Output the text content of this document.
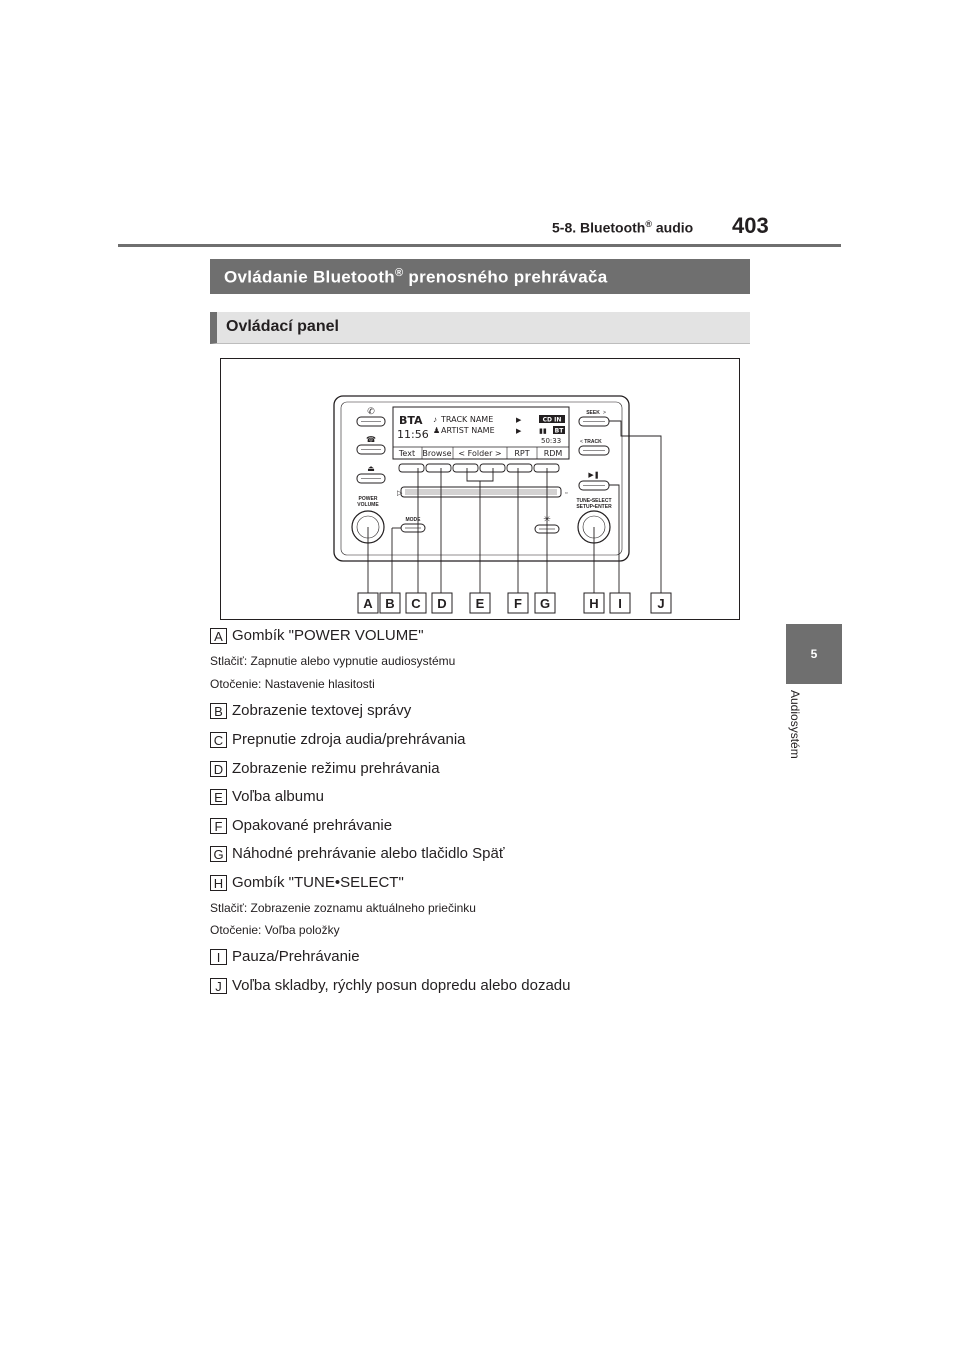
5-8. Bluetooth® audio 403
5
Audiosystém
Ovládanie Bluetooth® prenosného prehrávača
Ovládací panel
✆
☎
⏏
POWER
VOLUME
BTA
11:56
♪ TRACK NAME	▶
♟ ARTIST NAME	▶
CD IN
▮▮ BT
50:33
Text Browse < Folder > RPT RDM
▷	▫
MODE	✳
SEEK >
< TRACK
▶❚
TUNE•SELECT
SETUP•ENTER
A B C D E F G	H I	J
A Gombík "POWER VOLUME"
Stlačiť: Zapnutie alebo vypnutie audiosystému
Otočenie: Nastavenie hlasitosti
B Zobrazenie textovej správy
C Prepnutie zdroja audia/prehrávania
D Zobrazenie režimu prehrávania
E Voľba albumu
F Opakované prehrávanie
G Náhodné prehrávanie alebo tlačidlo Späť
H Gombík "TUNE•SELECT"
Stlačiť: Zobrazenie zoznamu aktuálneho priečinku
Otočenie: Voľba položky
I Pauza/Prehrávanie
J Voľba skladby, rýchly posun dopredu alebo dozadu
